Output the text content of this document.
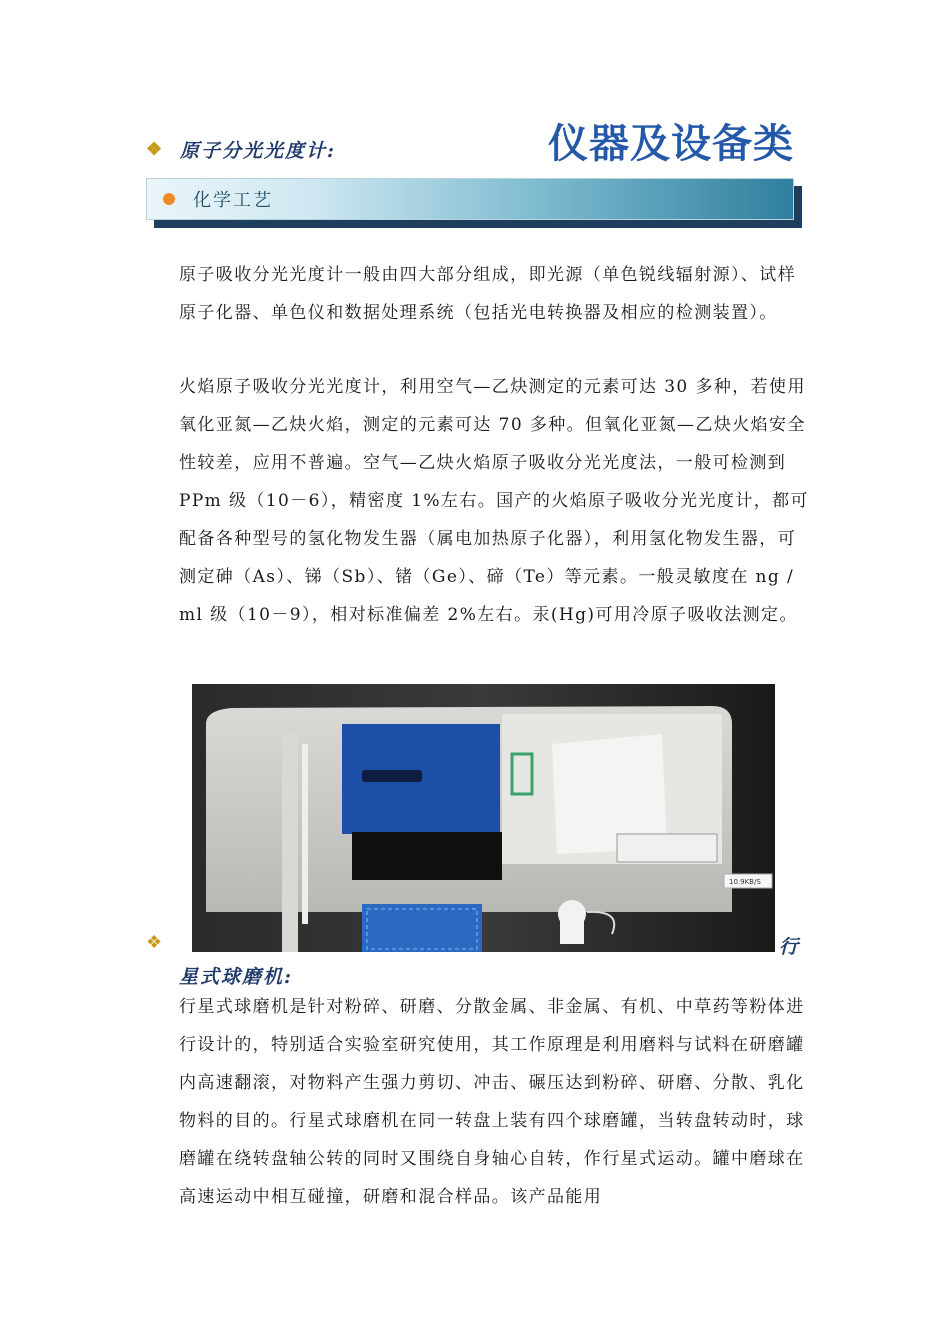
❖ 原子分光光度计:	仪器及设备类
化学工艺

原子吸收分光光度计一般由四大部分组成，即光源（单色锐线辐射源）、试样原子化器、单色仪和数据处理系统（包括光电转换器及相应的检测装置）。

火焰原子吸收分光光度计，利用空气—乙炔测定的元素可达 30 多种，若使用氧化亚氮—乙炔火焰，测定的元素可达 70 多种。但氧化亚氮—乙炔火焰安全性较差，应用不普遍。空气—乙炔火焰原子吸收分光光度法，一般可检测到 PPm 级（10－6），精密度 1%左右。国产的火焰原子吸收分光光度计，都可配备各种型号的氢化物发生器（属电加热原子化器），利用氢化物发生器，可测定砷（As）、锑（Sb）、锗（Ge）、碲（Te）等元素。一般灵敏度在 ng / ml 级（10－9），相对标准偏差 2%左右。汞(Hg)可用冷原子吸收法测定。

10.9KB/S
❖	行
星式球磨机:

行星式球磨机是针对粉碎、研磨、分散金属、非金属、有机、中草药等粉体进行设计的，特别适合实验室研究使用，其工作原理是利用磨料与试料在研磨罐内高速翻滚，对物料产生强力剪切、冲击、碾压达到粉碎、研磨、分散、乳化物料的目的。行星式球磨机在同一转盘上装有四个球磨罐，当转盘转动时，球磨罐在绕转盘轴公转的同时又围绕自身轴心自转，作行星式运动。罐中磨球在高速运动中相互碰撞，研磨和混合样品。该产品能用
